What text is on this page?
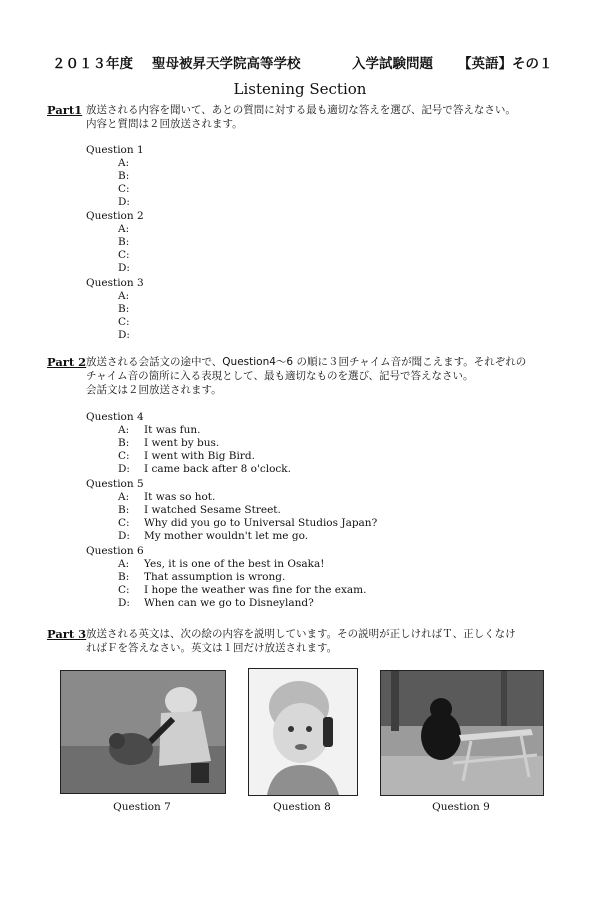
２０１３年度 聖母被昇天学院高等学校	入学試験問題 【英語】その１
Listening Section
Part1 放送される内容を聞いて、あとの質問に対する最も適切な答えを選び、記号で答えなさい。
内容と質問は２回放送されます。
Question 1
A:
B:
C:
D:
Question 2
A:
B:
C:
D:
Question 3
A:
B:
C:
D:
Part 2 放送される会話文の途中で、Question4～6 の順に３回チャイム音が聞こえます。それぞれの
チャイム音の箇所に入る表現として、最も適切なものを選び、記号で答えなさい。
会話文は２回放送されます。
Question 4
A: It was fun.
B: I went by bus.
C: I went with Big Bird.
D: I came back after 8 o'clock.
Question 5
A: It was so hot.
B: I watched Sesame Street.
C: Why did you go to Universal Studios Japan?
D: My mother wouldn't let me go.
Question 6
A: Yes, it is one of the best in Osaka!
B: That assumption is wrong.
C: I hope the weather was fine for the exam.
D: When can we go to Disneyland?
Part 3 放送される英文は、次の絵の内容を説明しています。その説明が正しければＴ、正しくなけ
ればＦを答えなさい。英文は１回だけ放送されます。
Question 7	Question 8	Question 9
